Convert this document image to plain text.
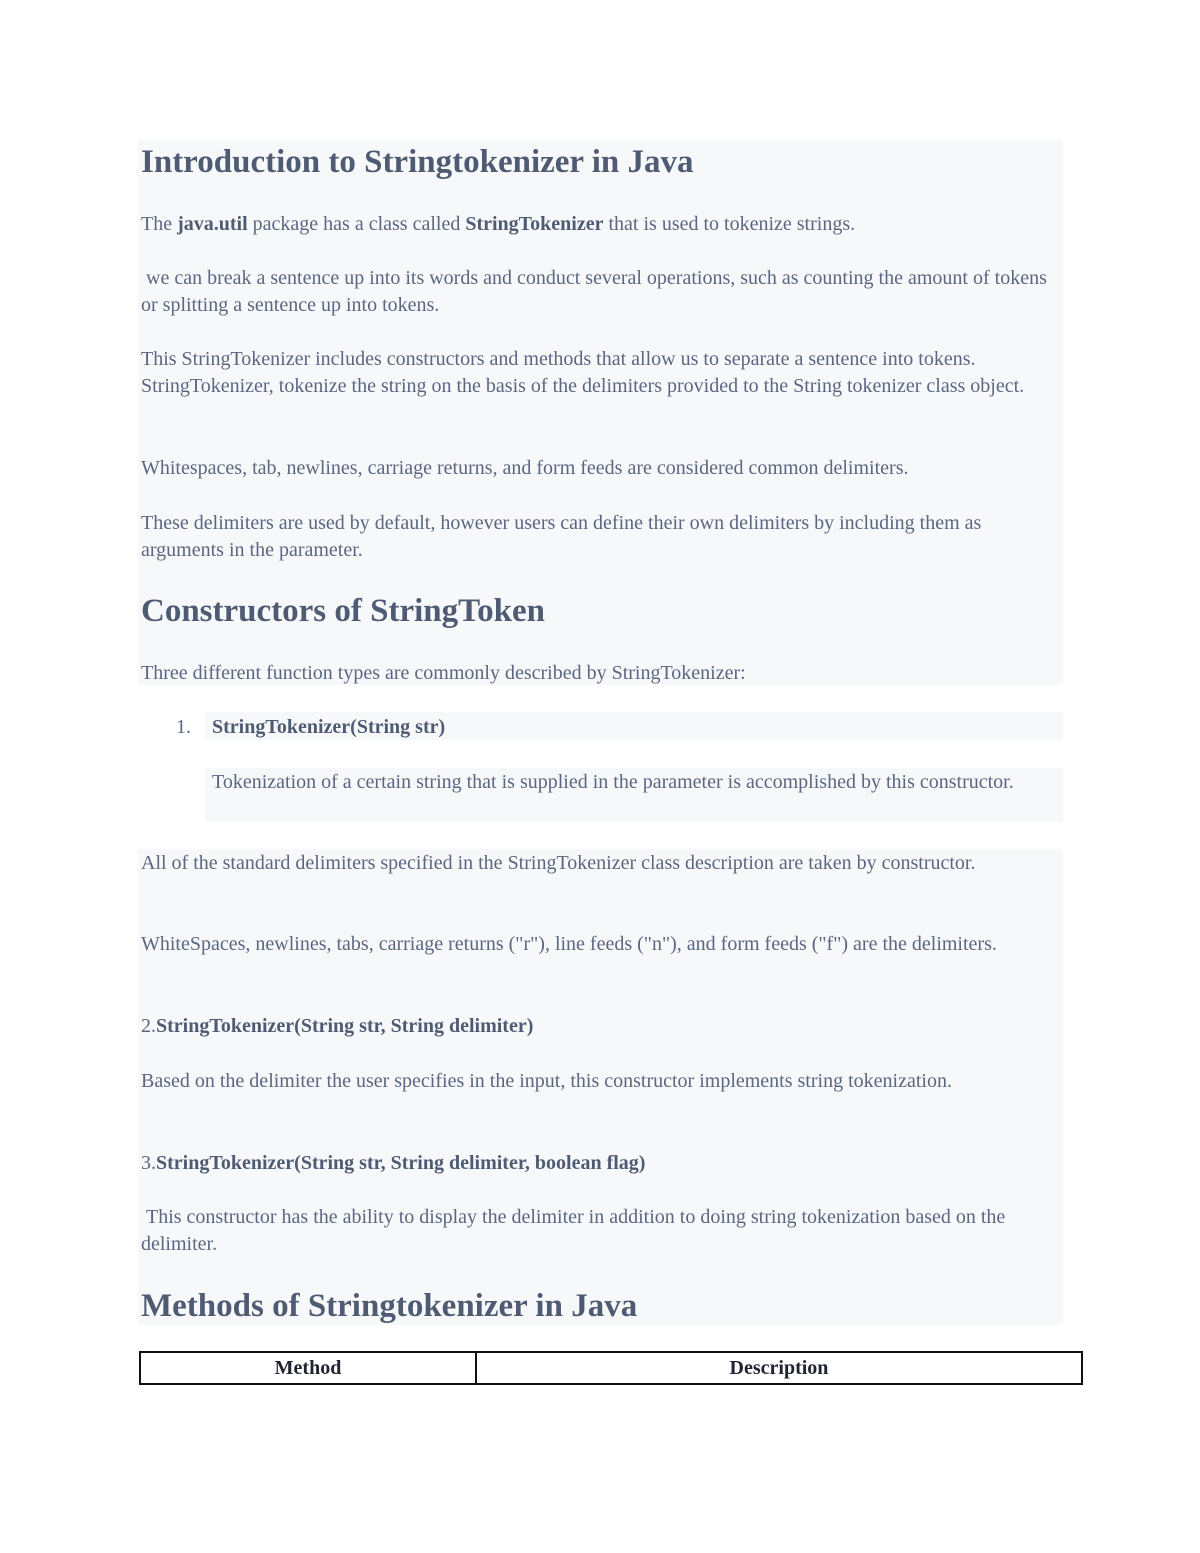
Introduction to Stringtokenizer in Java

The java.util package has a class called StringTokenizer that is used to tokenize strings.

we can break a sentence up into its words and conduct several operations, such as counting the amount of tokens or splitting a sentence up into tokens.

This StringTokenizer includes constructors and methods that allow us to separate a sentence into tokens. StringTokenizer, tokenize the string on the basis of the delimiters provided to the String tokenizer class object.

Whitespaces, tab, newlines, carriage returns, and form feeds are considered common delimiters.

These delimiters are used by default, however users can define their own delimiters by including them as arguments in the parameter.

Constructors of StringToken

Three different function types are commonly described by StringTokenizer:

1. StringTokenizer(String str)

Tokenization of a certain string that is supplied in the parameter is accomplished by this constructor.

All of the standard delimiters specified in the StringTokenizer class description are taken by constructor.

WhiteSpaces, newlines, tabs, carriage returns ("r"), line feeds ("n"), and form feeds ("f") are the delimiters.

2.StringTokenizer(String str, String delimiter)

Based on the delimiter the user specifies in the input, this constructor implements string tokenization.

3.StringTokenizer(String str, String delimiter, boolean flag)

This constructor has the ability to display the delimiter in addition to doing string tokenization based on the delimiter.

Methods of Stringtokenizer in Java
Method	Description
